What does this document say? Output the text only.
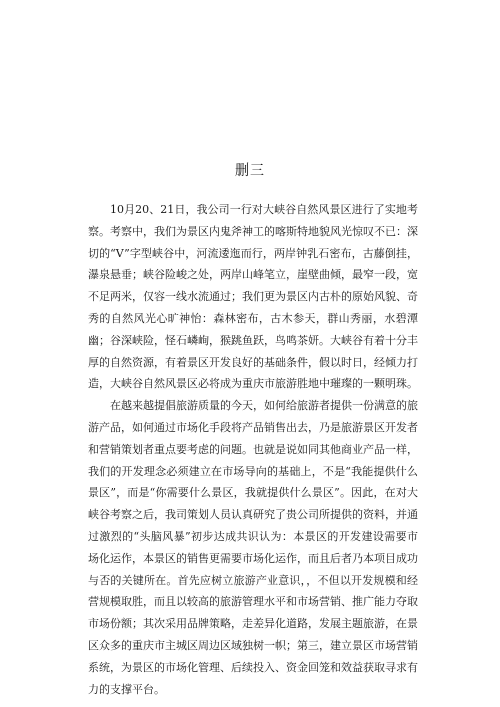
删三

10月20、21日，我公司一行对大峡谷自然风景区进行了实地考察。考察中，我们为景区内鬼斧神工的喀斯特地貌风光惊叹不已：深切的“V”字型峡谷中，河流逶迤而行，两岸钟乳石密布，古藤倒挂，瀑泉悬垂；峡谷险峻之处，两岸山峰笔立，崖壁曲倾，最窄一段，宽不足两米，仅容一线水流通过；我们更为景区内古朴的原始风貌、奇秀的自然风光心旷神怡：森林密布，古木参天，群山秀丽，水碧潭幽；谷深峡险，怪石嶙峋，猴跳鱼跃，鸟鸣茶妍。大峡谷有着十分丰厚的自然资源，有着景区开发良好的基础条件，假以时日，经倾力打造，大峡谷自然风景区必将成为重庆市旅游胜地中璀璨的一颗明珠。

在越来越提倡旅游质量的今天，如何给旅游者提供一份满意的旅游产品，如何通过市场化手段将产品销售出去，乃是旅游景区开发者和营销策划者重点要考虑的问题。也就是说如同其他商业产品一样，我们的开发理念必须建立在市场导向的基础上，不是“我能提供什么景区”，而是“你需要什么景区，我就提供什么景区”。因此，在对大峡谷考察之后，我司策划人员认真研究了贵公司所提供的资料，并通过激烈的“头脑风暴”初步达成共识认为：本景区的开发建设需要市场化运作，本景区的销售更需要市场化运作，而且后者乃本项目成功与否的关键所在。首先应树立旅游产业意识，，不但以开发规模和经营规模取胜，而且以较高的旅游管理水平和市场营销、推广能力夺取市场份额；其次采用品牌策略，走差异化道路，发展主题旅游，在景区众多的重庆市主城区周边区域独树一帜；第三，建立景区市场营销系统，为景区的市场化管理、后续投入、资金回笼和效益获取寻求有力的支撑平台。
